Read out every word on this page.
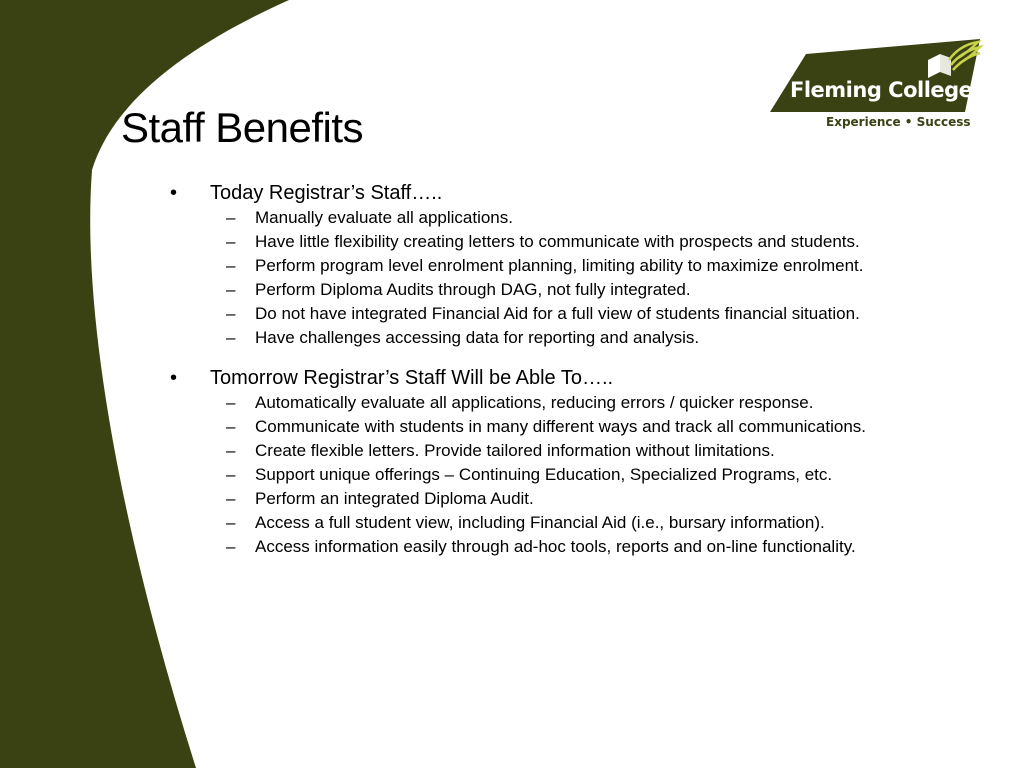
Staff Benefits
Fleming College
Experience • Success
•	Today Registrar’s Staff…..
–	Manually evaluate all applications.
–	Have little flexibility creating letters to communicate with prospects and students.
–	Perform program level enrolment planning, limiting ability to maximize enrolment.
–	Perform Diploma Audits through DAG, not fully integrated.
–	Do not have integrated Financial Aid for a full view of students financial situation.
–	Have challenges accessing data for reporting and analysis.
•	Tomorrow Registrar’s Staff Will be Able To…..
–	Automatically evaluate all applications, reducing errors / quicker response.
–	Communicate with students in many different ways and track all communications.
–	Create flexible letters. Provide tailored information without limitations.
–	Support unique offerings – Continuing Education, Specialized Programs, etc.
–	Perform an integrated Diploma Audit.
–	Access a full student view, including Financial Aid (i.e., bursary information).
–	Access information easily through ad-hoc tools, reports and on-line functionality.
